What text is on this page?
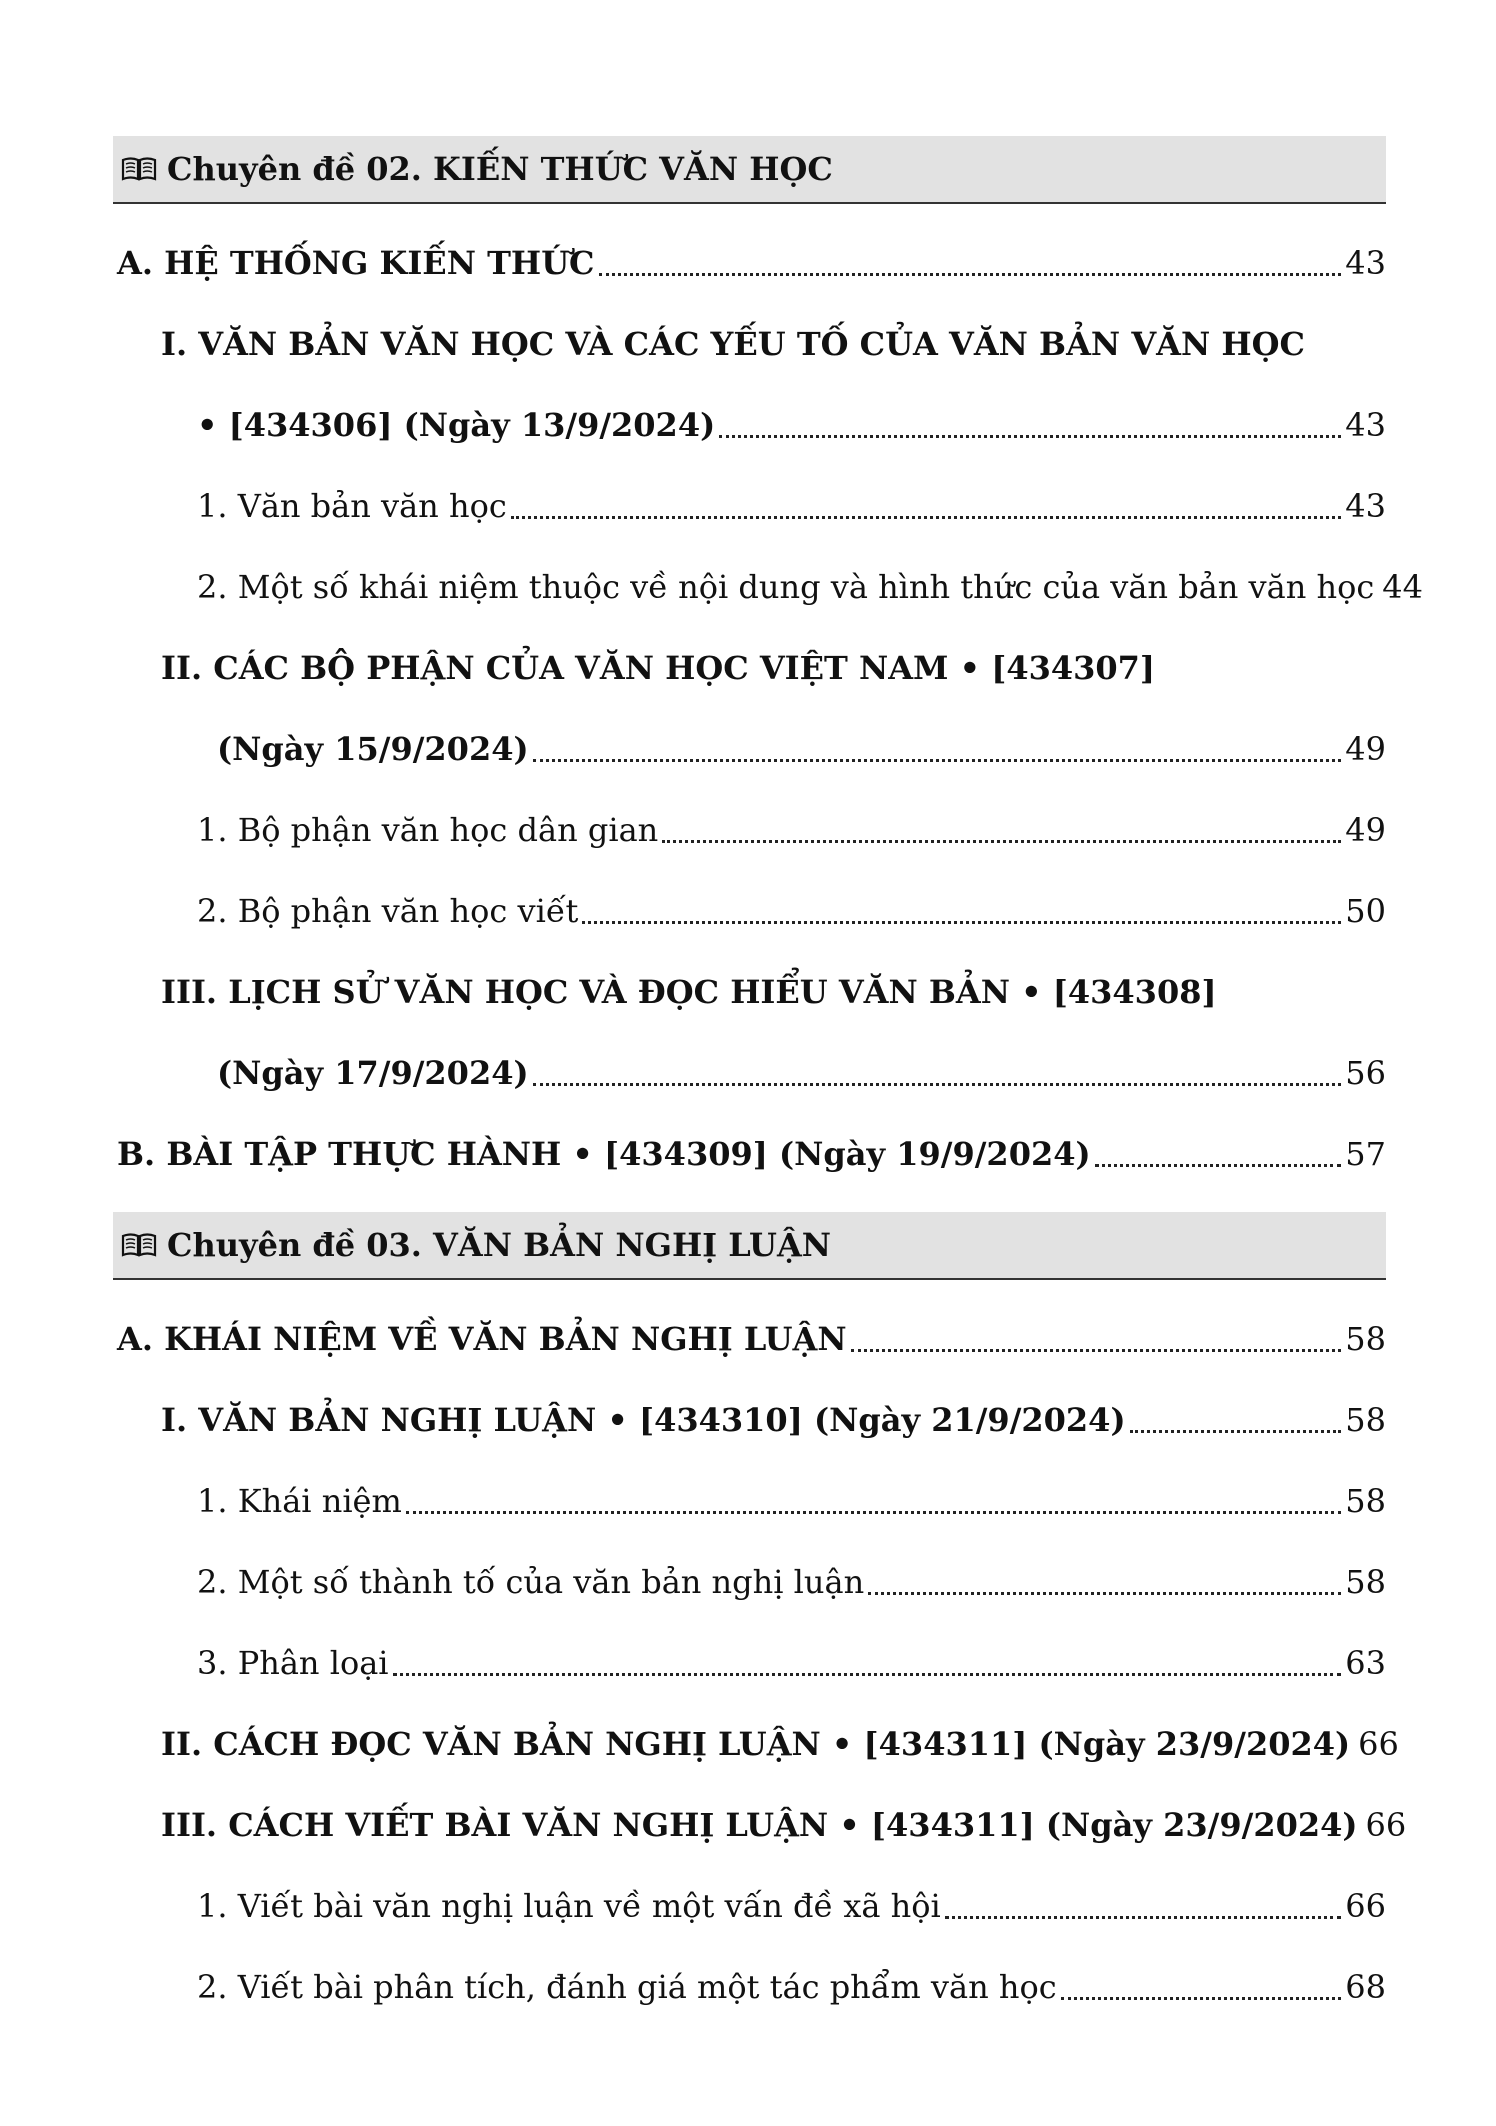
Chuyên đề 02. KIẾN THỨC VĂN HỌC
A. HỆ THỐNG KIẾN THỨC	43
I. VĂN BẢN VĂN HỌC VÀ CÁC YẾU TỐ CỦA VĂN BẢN VĂN HỌC
• [434306] (Ngày 13/9/2024)	43
1. Văn bản văn học	43
2. Một số khái niệm thuộc về nội dung và hình thức của văn bản văn học 44
II. CÁC BỘ PHẬN CỦA VĂN HỌC VIỆT NAM • [434307]
(Ngày 15/9/2024)	49
1. Bộ phận văn học dân gian	49
2. Bộ phận văn học viết	50
III. LỊCH SỬ VĂN HỌC VÀ ĐỌC HIỂU VĂN BẢN • [434308]
(Ngày 17/9/2024)	56
B. BÀI TẬP THỰC HÀNH • [434309] (Ngày 19/9/2024)	57
Chuyên đề 03. VĂN BẢN NGHỊ LUẬN
A. KHÁI NIỆM VỀ VĂN BẢN NGHỊ LUẬN	58
I. VĂN BẢN NGHỊ LUẬN • [434310] (Ngày 21/9/2024)	58
1. Khái niệm	58
2. Một số thành tố của văn bản nghị luận	58
3. Phân loại	63
II. CÁCH ĐỌC VĂN BẢN NGHỊ LUẬN • [434311] (Ngày 23/9/2024) 66
III. CÁCH VIẾT BÀI VĂN NGHỊ LUẬN • [434311] (Ngày 23/9/2024) 66
1. Viết bài văn nghị luận về một vấn đề xã hội	66
2. Viết bài phân tích, đánh giá một tác phẩm văn học	68
